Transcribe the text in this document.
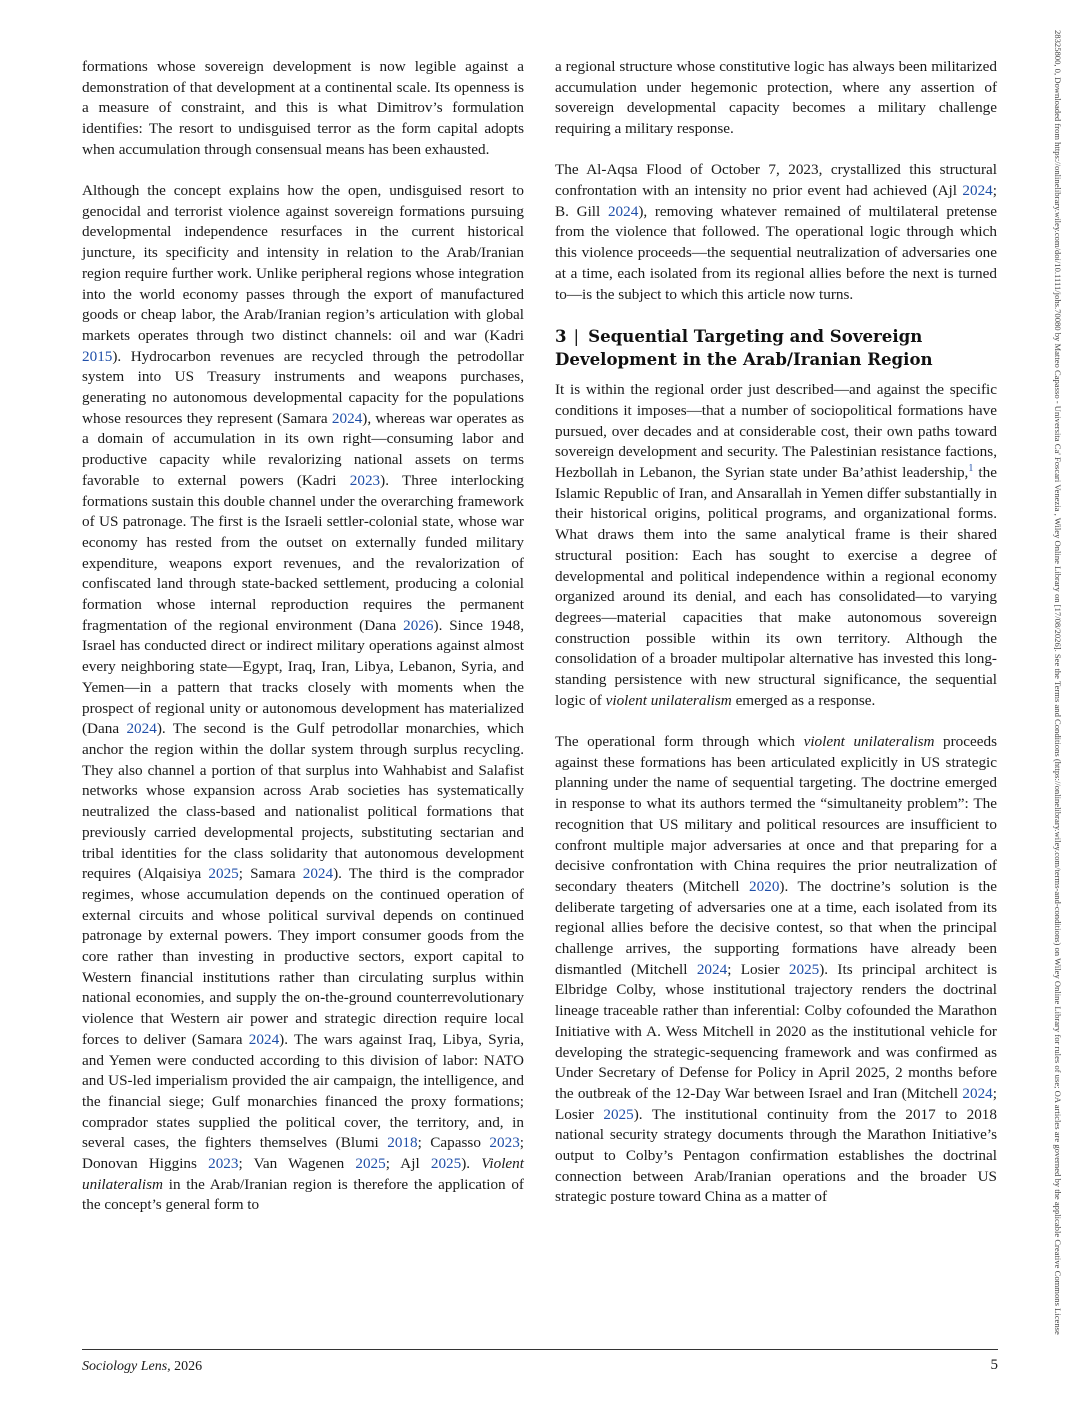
formations whose sovereign development is now legible against a demonstration of that development at a continental scale. Its openness is a measure of constraint, and this is what Dimitrov’s formulation identifies: The resort to undisguised terror as the form capital adopts when accumulation through consensual means has been exhausted.

Although the concept explains how the open, undisguised resort to genocidal and terrorist violence against sovereign formations pursuing developmental independence resurfaces in the current historical juncture, its specificity and intensity in relation to the Arab/Iranian region require further work. Unlike peripheral regions whose integration into the world economy passes through the export of manufactured goods or cheap labor, the Arab/Iranian region’s articulation with global markets operates through two distinct channels: oil and war (Kadri 2015). Hydrocarbon revenues are recycled through the petrodollar system into US Treasury instruments and weapons purchases, generating no autonomous developmental capacity for the populations whose resources they represent (Samara 2024), whereas war operates as a domain of accumulation in its own right—consuming labor and productive capacity while revalorizing national assets on terms favorable to external powers (Kadri 2023). Three interlocking formations sustain this double channel under the overarching framework of US patronage. The first is the Israeli settler‐colonial state, whose war economy has rested from the outset on externally funded military expenditure, weapons export revenues, and the revalorization of confiscated land through state‐backed settlement, producing a colonial formation whose internal reproduction requires the permanent fragmentation of the regional environment (Dana 2026). Since 1948, Israel has conducted direct or indirect military operations against almost every neighboring state—Egypt, Iraq, Iran, Libya, Lebanon, Syria, and Yemen—in a pattern that tracks closely with moments when the prospect of regional unity or autonomous development has materialized (Dana 2024). The second is the Gulf petrodollar monarchies, which anchor the region within the dollar system through surplus recycling. They also channel a portion of that surplus into Wahhabist and Salafist networks whose expansion across Arab societies has systematically neutralized the class‐based and nationalist political formations that previously carried developmental projects, substituting sectarian and tribal identities for the class solidarity that autonomous development requires (Alqaisiya 2025; Samara 2024). The third is the comprador regimes, whose accumulation depends on the continued operation of external circuits and whose political survival depends on continued patronage by external powers. They import consumer goods from the core rather than investing in productive sectors, export capital to Western financial institutions rather than circulating surplus within national economies, and supply the on‐the‐ground counterrevolutionary violence that Western air power and strategic direction require local forces to deliver (Samara 2024). The wars against Iraq, Libya, Syria, and Yemen were conducted according to this division of labor: NATO and US‐led imperialism provided the air campaign, the intelligence, and the financial siege; Gulf monarchies financed the proxy formations; comprador states supplied the political cover, the territory, and, in several cases, the fighters themselves (Blumi 2018; Capasso 2023; Donovan Higgins 2023; Van Wagenen 2025; Ajl 2025). Violent unilateralism in the Arab/Iranian region is therefore the application of the concept’s general form to

a regional structure whose constitutive logic has always been militarized accumulation under hegemonic protection, where any assertion of sovereign developmental capacity becomes a military challenge requiring a military response.

The Al‐Aqsa Flood of October 7, 2023, crystallized this structural confrontation with an intensity no prior event had achieved (Ajl 2024; B. Gill 2024), removing whatever remained of multilateral pretense from the violence that followed. The operational logic through which this violence proceeds—the sequential neutralization of adversaries one at a time, each isolated from its regional allies before the next is turned to—is the subject to which this article now turns.

3 | Sequential Targeting and Sovereign Development in the Arab/Iranian Region

It is within the regional order just described—and against the specific conditions it imposes—that a number of sociopolitical formations have pursued, over decades and at considerable cost, their own paths toward sovereign development and security. The Palestinian resistance factions, Hezbollah in Lebanon, the Syrian state under Ba’athist leadership,$^1$ the Islamic Republic of Iran, and Ansarallah in Yemen differ substantially in their historical origins, political programs, and organizational forms. What draws them into the same analytical frame is their shared structural position: Each has sought to exercise a degree of developmental and political independence within a regional economy organized around its denial, and each has consolidated—to varying degrees—material capacities that make autonomous sovereign construction possible within its own territory. Although the consolidation of a broader multipolar alternative has invested this long‐standing persistence with new structural significance, the sequential logic of violent unilateralism emerged as a response.

The operational form through which violent unilateralism proceeds against these formations has been articulated explicitly in US strategic planning under the name of sequential targeting. The doctrine emerged in response to what its authors termed the “simultaneity problem”: The recognition that US military and political resources are insufficient to confront multiple major adversaries at once and that preparing for a decisive confrontation with China requires the prior neutralization of secondary theaters (Mitchell 2020). The doctrine’s solution is the deliberate targeting of adversaries one at a time, each isolated from its regional allies before the decisive contest, so that when the principal challenge arrives, the supporting formations have already been dismantled (Mitchell 2024; Losier 2025). Its principal architect is Elbridge Colby, whose institutional trajectory renders the doctrinal lineage traceable rather than inferential: Colby cofounded the Marathon Initiative with A. Wess Mitchell in 2020 as the institutional vehicle for developing the strategic‐sequencing framework and was confirmed as Under Secretary of Defense for Policy in April 2025, 2 months before the outbreak of the 12‐Day War between Israel and Iran (Mitchell 2024; Losier 2025). The institutional continuity from the 2017 to 2018 national security strategy documents through the Marathon Initiative’s output to Colby’s Pentagon confirmation establishes the doctrinal connection between Arab/Iranian operations and the broader US strategic posture toward China as a matter of

Sociology Lens, 2026	5
28325800, 0, Downloaded from https://onlinelibrary.wiley.com/doi/10.1111/johs.70080 by Matteo Capasso - Universita Ca' Foscari Venezia , Wiley Online Library on [17/08/2026]. See the Terms and Conditions (https://onlinelibrary.wiley.com/terms-and-conditions) on Wiley Online Library for rules of use; OA articles are governed by the applicable Creative Commons License
